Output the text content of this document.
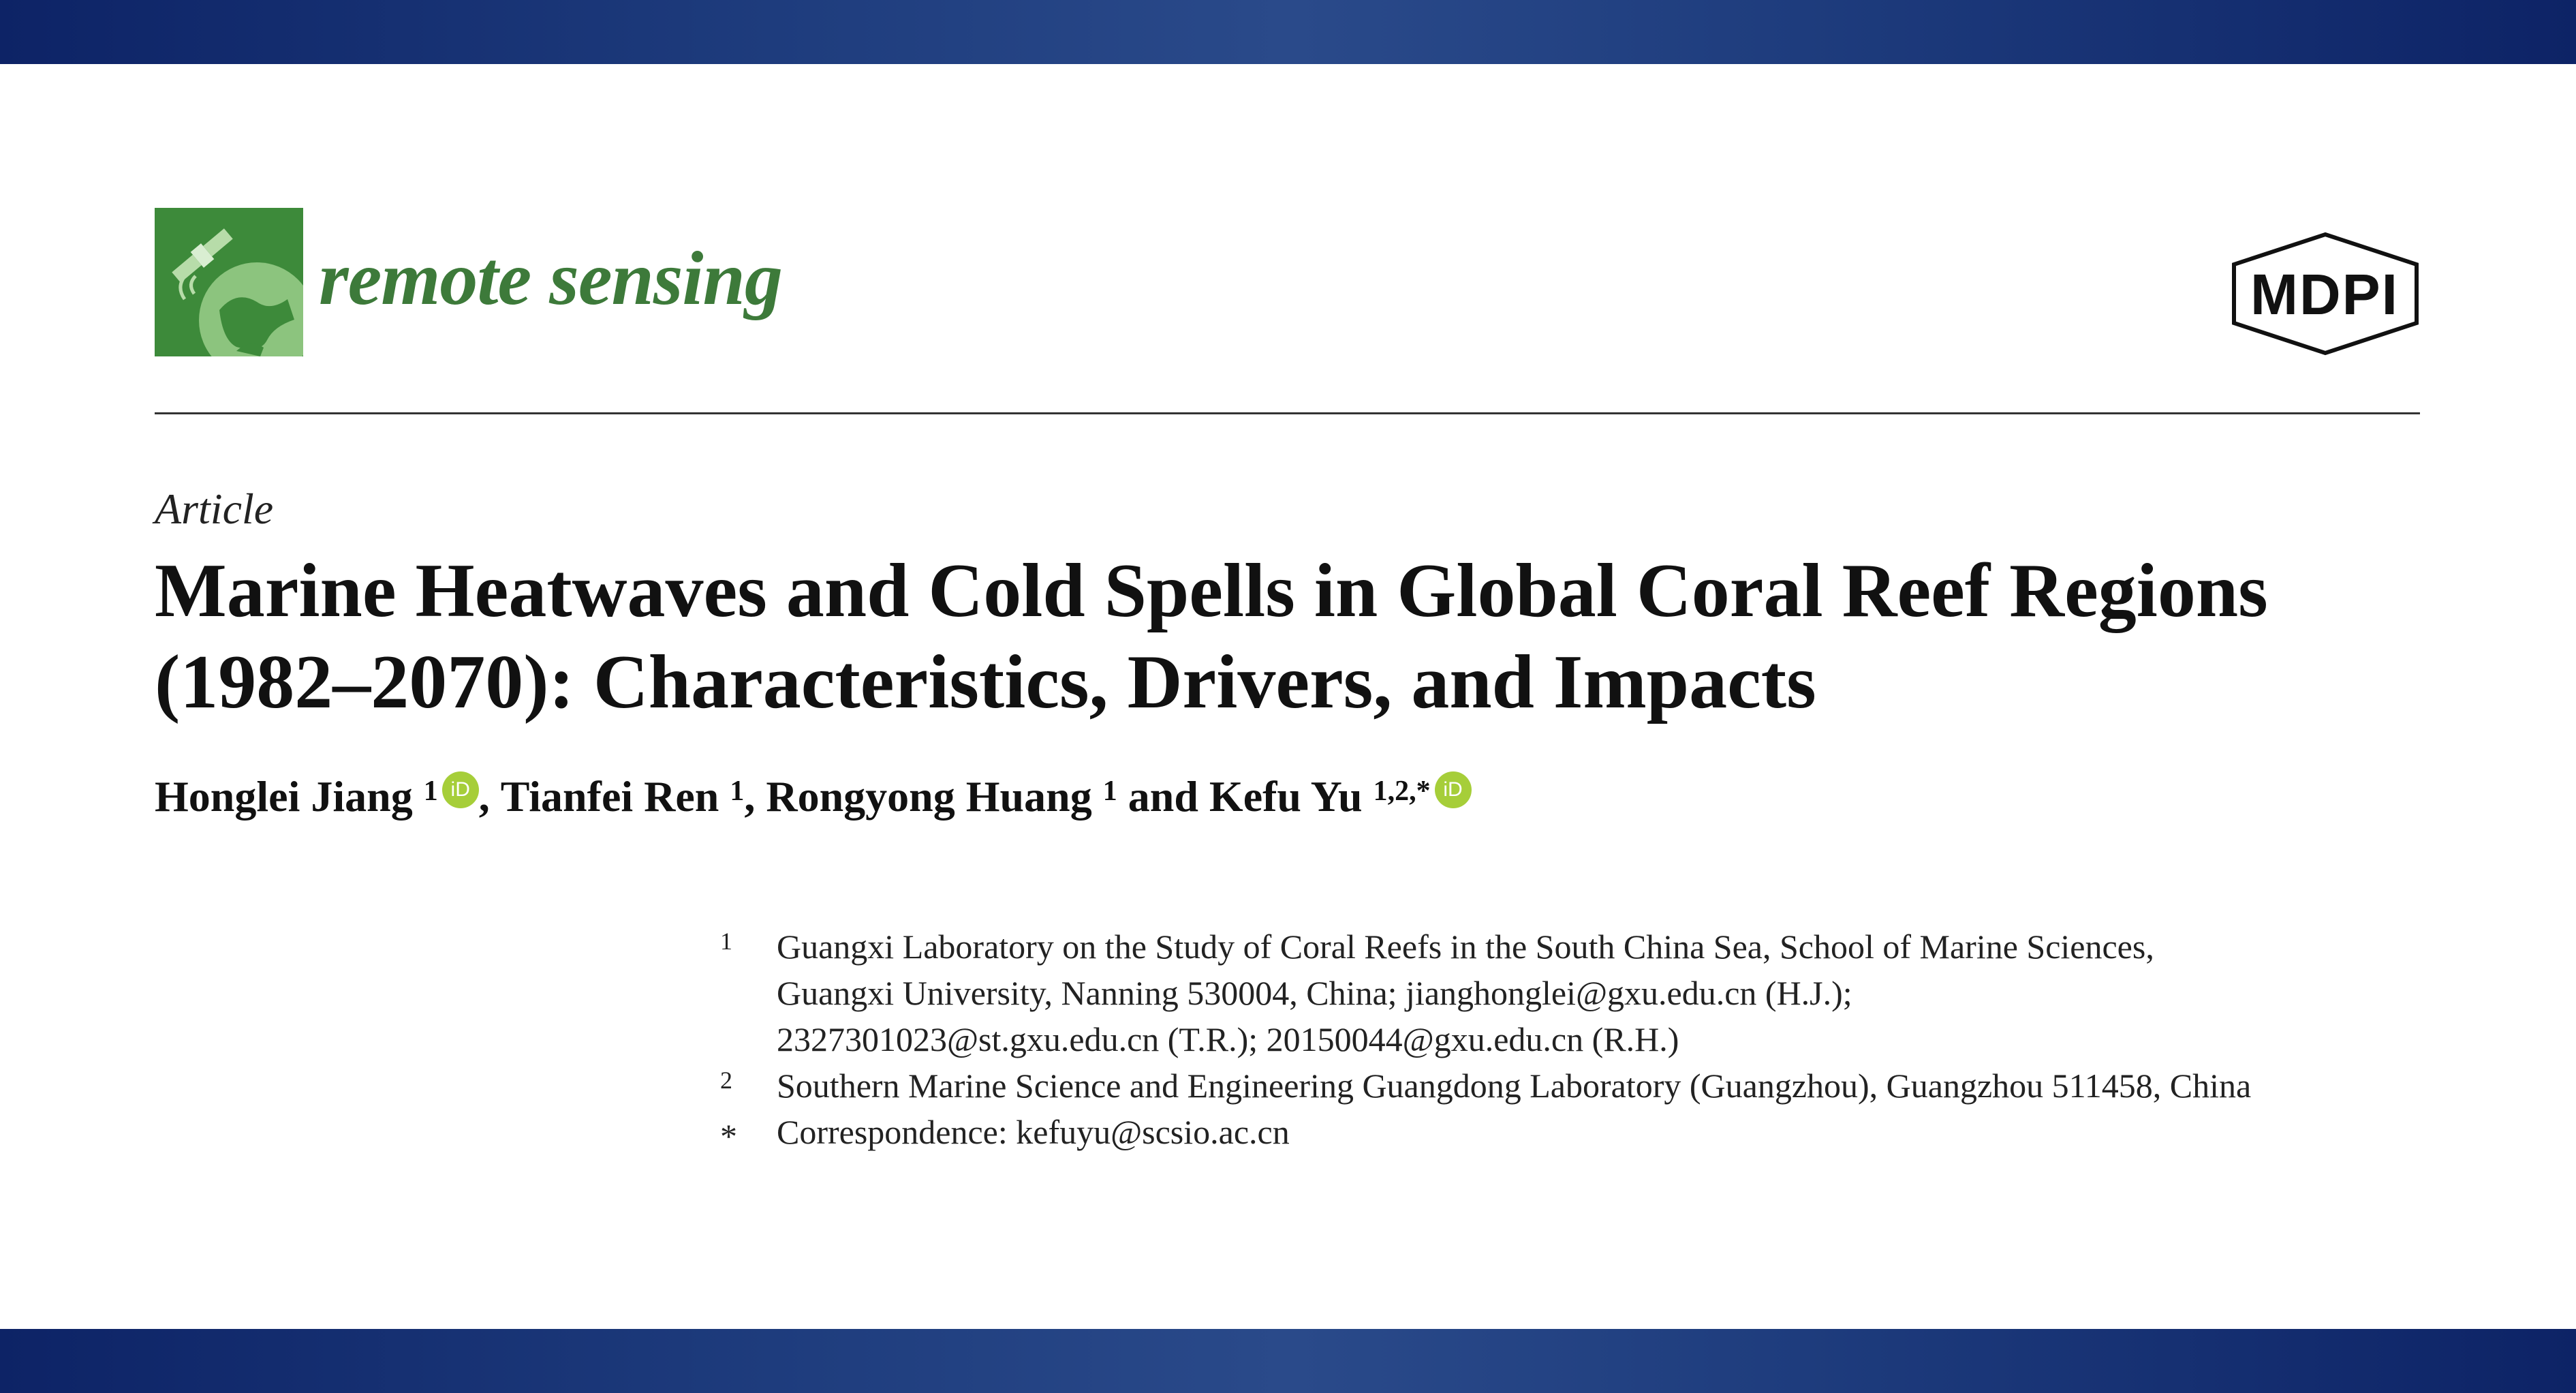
remote sensing	MDPI
Article
Marine Heatwaves and Cold Spells in Global Coral Reef Regions
(1982–2070): Characteristics, Drivers, and Impacts
Honglei Jiang
$^1$ iD , Tianfei Ren
$^1$ , Rongyong Huang
$^1$ and Kefu Yu
$^{1,2,*}$ iD
1	Guangxi Laboratory on the Study of Coral Reefs in the South China Sea, School of Marine Sciences,
Guangxi University, Nanning 530004, China; jianghonglei@gxu.edu.cn (H.J.);
2327301023@st.gxu.edu.cn (T.R.); 20150044@gxu.edu.cn (R.H.)
2	Southern Marine Science and Engineering Guangdong Laboratory (Guangzhou), Guangzhou 511458, China
*	Correspondence: kefuyu@scsio.ac.cn
